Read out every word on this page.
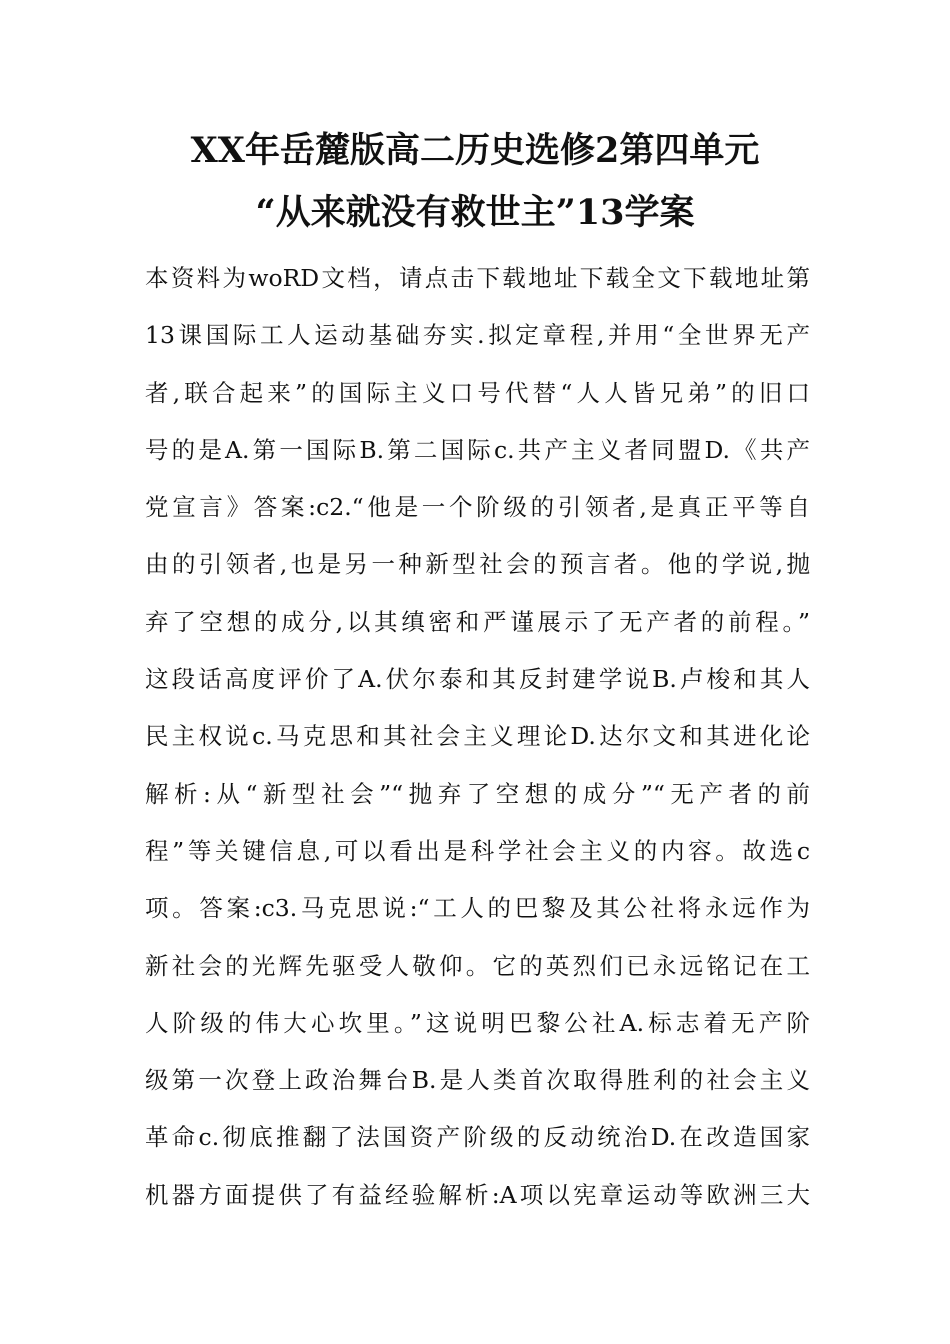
XX年岳麓版高二历史选修2第四单元
“从来就没有救世主”13学案
本资料为woRD文档，请点击下载地址下载全文下载地址第
13课国际工人运动基础夯实.拟定章程,并用“全世界无产
者,联合起来”的国际主义口号代替“人人皆兄弟”的旧口
号的是A.第一国际B.第二国际c.共产主义者同盟D.《共产
党宣言》答案:c2.“他是一个阶级的引领者,是真正平等自
由的引领者,也是另一种新型社会的预言者。他的学说,抛
弃了空想的成分,以其缜密和严谨展示了无产者的前程。”
这段话高度评价了A.伏尔泰和其反封建学说B.卢梭和其人
民主权说c.马克思和其社会主义理论D.达尔文和其进化论
解析:从“新型社会”“抛弃了空想的成分”“无产者的前
程”等关键信息,可以看出是科学社会主义的内容。故选c
项。答案:c3.马克思说:“工人的巴黎及其公社将永远作为
新社会的光辉先驱受人敬仰。它的英烈们已永远铭记在工
人阶级的伟大心坎里。”这说明巴黎公社A.标志着无产阶
级第一次登上政治舞台B.是人类首次取得胜利的社会主义
革命c.彻底推翻了法国资产阶级的反动统治D.在改造国家
机器方面提供了有益经验解析:A项以宪章运动等欧洲三大
